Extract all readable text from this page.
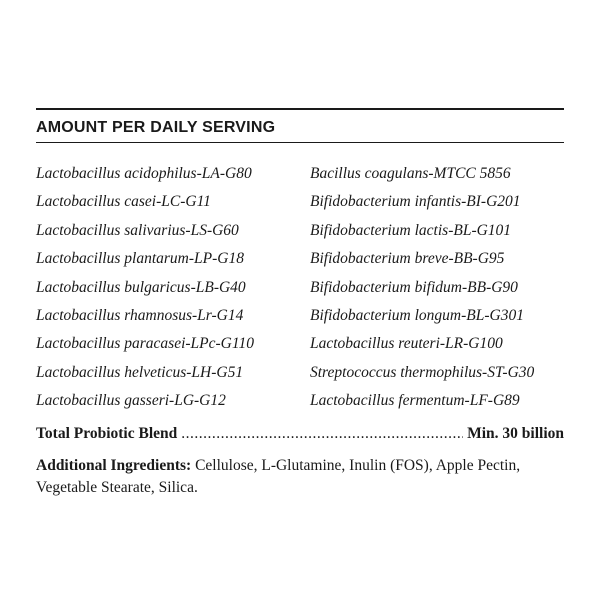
AMOUNT PER DAILY SERVING
Lactobacillus acidophilus-LA-G80
Lactobacillus casei-LC-G11
Lactobacillus salivarius-LS-G60
Lactobacillus plantarum-LP-G18
Lactobacillus bulgaricus-LB-G40
Lactobacillus rhamnosus-Lr-G14
Lactobacillus paracasei-LPc-G110
Lactobacillus helveticus-LH-G51
Lactobacillus gasseri-LG-G12
Bacillus coagulans-MTCC 5856
Bifidobacterium infantis-BI-G201
Bifidobacterium lactis-BL-G101
Bifidobacterium breve-BB-G95
Bifidobacterium bifidum-BB-G90
Bifidobacterium longum-BL-G301
Lactobacillus reuteri-LR-G100
Streptococcus thermophilus-ST-G30
Lactobacillus fermentum-LF-G89
Total Probiotic Blend
.....	Min. 30 billion
Additional Ingredients: Cellulose, L-Glutamine, Inulin (FOS), Apple Pectin, Vegetable Stearate, Silica.
